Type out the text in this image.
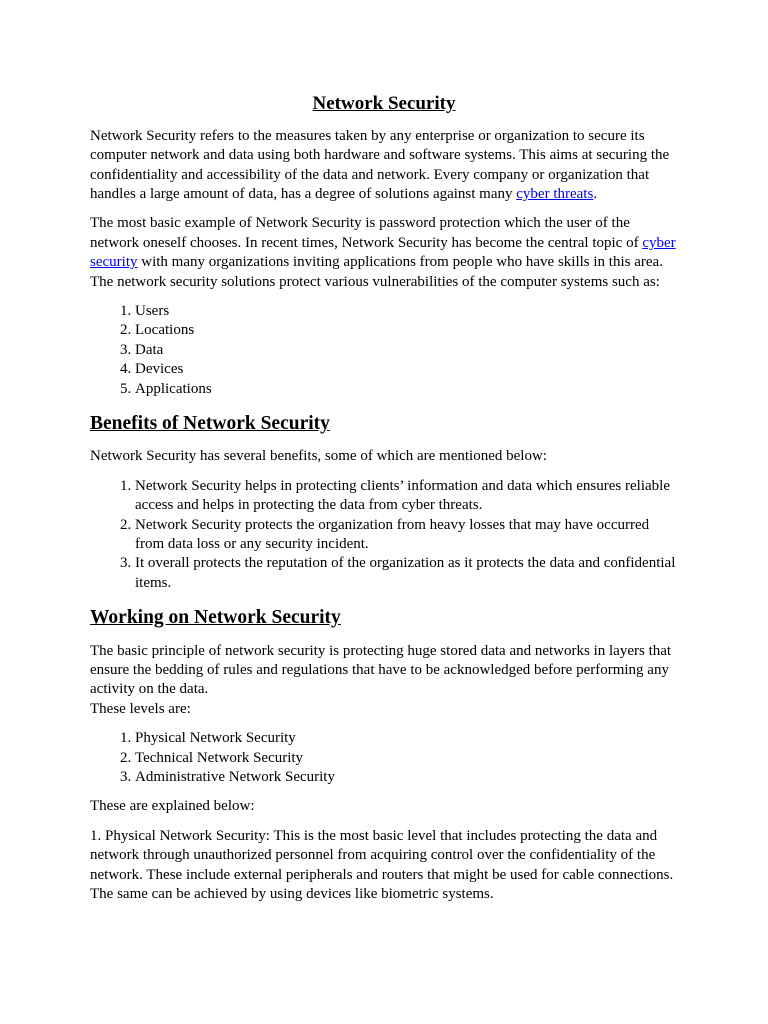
Network Security

Network Security refers to the measures taken by any enterprise or organization to secure its computer network and data using both hardware and software systems. This aims at securing the confidentiality and accessibility of the data and network. Every company or organization that handles a large amount of data, has a degree of solutions against many cyber threats.

The most basic example of Network Security is password protection which the user of the network oneself chooses. In recent times, Network Security has become the central topic of cyber security with many organizations inviting applications from people who have skills in this area. The network security solutions protect various vulnerabilities of the computer systems such as:

1. Users
2. Locations
3. Data
4. Devices
5. Applications
Benefits of Network Security

Network Security has several benefits, some of which are mentioned below:

1. Network Security helps in protecting clients’ information and data which ensures reliable access and helps in protecting the data from cyber threats.
2. Network Security protects the organization from heavy losses that may have occurred from data loss or any security incident.
3. It overall protects the reputation of the organization as it protects the data and confidential items.
Working on Network Security

The basic principle of network security is protecting huge stored data and networks in layers that ensure the bedding of rules and regulations that have to be acknowledged before performing any activity on the data.

These levels are:

1. Physical Network Security
2. Technical Network Security
3. Administrative Network Security

These are explained below:

1. Physical Network Security: This is the most basic level that includes protecting the data and network through unauthorized personnel from acquiring control over the confidentiality of the network. These include external peripherals and routers that might be used for cable connections. The same can be achieved by using devices like biometric systems.
